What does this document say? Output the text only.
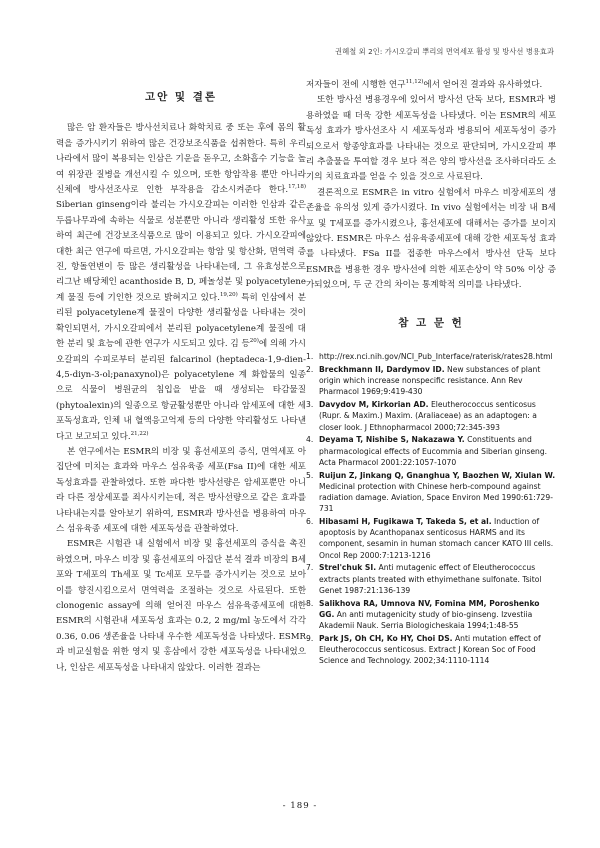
권혜철 외 2인: 가시오갈피 뿌리의 면역세포 활성 및 방사선 병용효과
고안 및 결론

많은 암 환자들은 방사선치료나 화학치료 중 또는 후에 몸의 활력을 증가시키기 위하여 많은 건강보조식품을 섭취한다. 특히 우리나라에서 많이 복용되는 인삼은 기운을 돋우고, 소화흡수 기능을 높여 위장관 질병을 개선시킬 수 있으며, 또한 항암작용 뿐만 아니라 신체에 방사선조사로 인한 부작용을 감소시켜준다 한다.$^{17,18)}$ Siberian ginseng이라 불리는 가시오갈피는 이러한 인삼과 같은 두릅나무과에 속하는 식물로 성분뿐만 아니라 생리활성 또한 유사하여 최근에 건강보조식품으로 많이 이용되고 있다. 가시오갈피에 대한 최근 연구에 따르면, 가시오갈피는 항암 및 항산화, 면역력 증진, 항돌연변이 등 많은 생리활성을 나타내는데, 그 유효성분으로 리그난 배당체인 acanthoside B, D, 페놀성분 및 polyacetylene계 물질 등에 기인한 것으로 밝혀지고 있다.$^{19,20)}$ 특히 인삼에서 분리된 polyacetylene계 물질이 다양한 생리활성을 나타내는 것이 확인되면서, 가시오갈피에서 분리된 polyacetylene계 물질에 대한 분리 및 효능에 관한 연구가 시도되고 있다. 김 등$^{20)}$에 의해 가시오갈피의 수피로부터 분리된 falcarinol (heptadeca-1,9-dien-4,5-diyn-3-ol;panaxynol)은 polyacetylene 계 화합물의 일종으로 식물이 병원균의 침입을 받을 때 생성되는 타감물질(phytoalexin)의 일종으로 항균활성뿐만 아니라 암세포에 대한 세포독성효과, 인체 내 혈액응고억제 등의 다양한 약리활성도 나타낸다고 보고되고 있다.$^{21,22)}$

본 연구에서는 ESMR의 비장 및 흉선세포의 증식, 면역세포 아집단에 미치는 효과와 마우스 섬유육종 세포(Fsa II)에 대한 세포독성효과를 관찰하였다. 또한 파다한 방사선량은 암세포뿐만 아니라 다른 정상세포를 죄사시키는데, 적은 방사선량으로 같은 효과를 나타내는지를 알아보기 위하여, ESMR과 방사선을 병용하여 마우스 섬유육종 세포에 대한 세포독성을 관찰하였다.

ESMR은 시험관 내 실험에서 비장 및 흉선세포의 증식을 촉진하였으며, 마우스 비장 및 흉선세포의 아집단 분석 결과 비장의 B세포와 T세포의 Th세포 및 Tc세포 모두를 증가시키는 것으로 보아 이를 향진시킴으로서 면역력을 조절하는 것으로 사료된다. 또한 clonogenic assay에 의해 얻어진 마우스 섬유육종세포에 대한 ESMR의 시험관내 세포독성 효과는 0.2, 2 mg/ml 농도에서 각각 0.36, 0.06 생존율을 나타내 우수한 세포독성을 나타냈다. ESMR과 비교실험을 위한 영지 및 홍삼에서 강한 세포독성을 나타내었으나, 인삼은 세포독성을 나타내지 않았다. 이러한 결과는

저자들이 전에 시행한 연구$^{11,12)}$에서 얻어진 결과와 유사하였다.

또한 방사선 병용경우에 있어서 방사선 단독 보다, ESMR과 병용하였을 때 더욱 강한 세포독성을 나타냈다. 이는 ESMR의 세포독성 효과가 방사선조사 시 세포독성과 병용되어 세포독성이 증가되으로서 항종양효과를 나타내는 것으로 판단되며, 가시오갈피 뿌리 추출물을 투여할 경우 보다 적은 양의 방사선을 조사하더라도 소기의 치료효과를 얻을 수 있을 것으로 사료된다.

결론적으로 ESMR은 in vitro 실험에서 마우스 비장세포의 생존율을 유의성 있게 증가시켰다. In vivo 실험에서는 비장 내 B세포 및 T세포를 증가시켰으나, 흉선세포에 대해서는 증가를 보이지 않았다. ESMR은 마우스 섬유육종세포에 대해 강한 세포독성 효과를 나타냈다. FSa II를 접종한 마우스에서 방사선 단독 보다 ESMR을 병용한 경우 방사선에 의한 세포손상이 약 50% 이상 증가되었으며, 두 군 간의 차이는 통계학적 의미를 나타냈다.

참 고 문 헌
1. http://rex.nci.nih.gov/NCI_Pub_Interface/raterisk/rates28.html
2. Breckhmann II, Dardymov ID. New substances of plant origin which increase nonspecific resistance. Ann Rev Pharmacol 1969;9:419-430
3. Davydov M, Kirkorian AD. Eleutherococcus senticosus (Rupr. & Maxim.) Maxim. (Araliaceae) as an adaptogen: a closer look. J Ethnopharmacol 2000;72:345-393
4. Deyama T, Nishibe S, Nakazawa Y. Constituents and pharmacological effects of Eucommia and Siberian ginseng. Acta Pharmacol 2001:22:1057-1070
5. Ruijun Z, Jinkang Q, Gnanghua Y, Baozhen W, Xiulan W. Medicinal protection with Chinese herb-compound against radiation damage. Aviation, Space Environ Med 1990:61:729-731
6. Hibasami H, Fugikawa T, Takeda S, et al. Induction of apoptosis by Acanthopanax senticosus HARMS and its component, sesamin in human stomach cancer KATO III cells. Oncol Rep 2000:7:1213-1216
7. Strel'chuk SI. Anti mutagenic effect of Eleutherococcus extracts plants treated with ethyimethane sulfonate. Tsitol Genet 1987:21:136-139
8. Salikhova RA, Umnova NV, Fomina MM, Poroshenko GG. An anti mutagenicity study of bio-ginseng. Izvestiia Akademii Nauk. Serria Biologicheskaia 1994;1:48-55
9. Park JS, Oh CH, Ko HY, Choi DS. Anti mutation effect of Eleutherococcus senticosus. Extract J Korean Soc of Food Science and Technology. 2002;34:1110-1114
- 189 -
